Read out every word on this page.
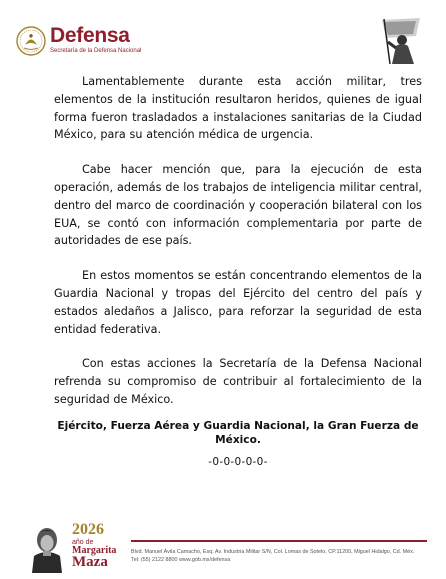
Defensa
Secretaría de la Defensa Nacional

Lamentablemente durante esta acción militar, tres elementos de la institución resultaron heridos, quienes de igual forma fueron trasladados a instalaciones sanitarias de la Ciudad México, para su atención médica de urgencia.

Cabe hacer mención que, para la ejecución de esta operación, además de los trabajos de inteligencia militar central, dentro del marco de coordinación y cooperación bilateral con los EUA, se contó con información complementaria por parte de autoridades de ese país.

En estos momentos se están concentrando elementos de la Guardia Nacional y tropas del Ejército del centro del país y estados aledaños a Jalisco, para reforzar la seguridad de esta entidad federativa.

Con estas acciones la Secretaría de la Defensa Nacional refrenda su compromiso de contribuir al fortalecimiento de la seguridad de México.

Ejército, Fuerza Aérea y Guardia Nacional, la Gran Fuerza de México.

-0-0-0-0-0-
2026
año de
Margarita
Maza
Blvd. Manuel Ávila Camacho, Esq. Av. Industria Militar S/N, Col. Lomas de Sotelo, CP.11200, Miguel Hidalgo, Cd. Méx.
Tel: (55) 2122 8800 www.gob.mx/defensa
